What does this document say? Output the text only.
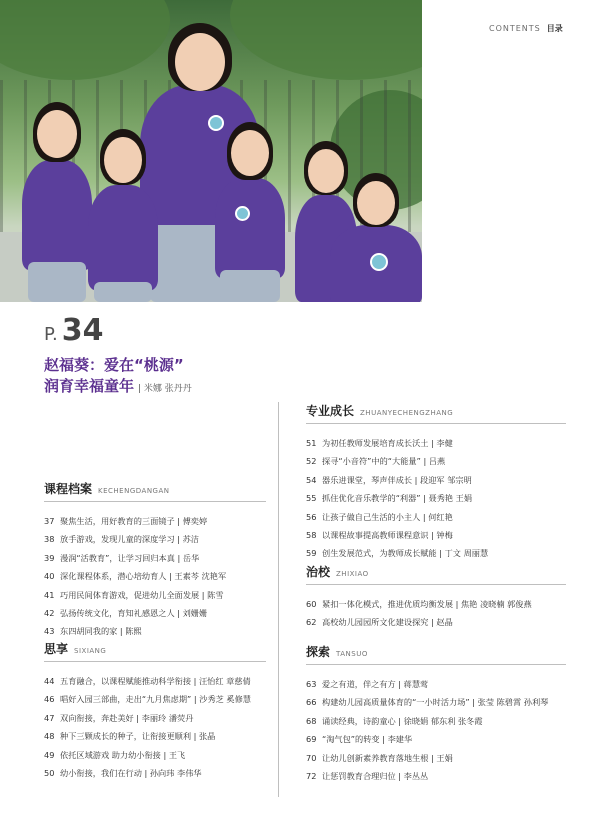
CONTENTS 目录
P. 34
赵福葵：爱在“桃源”
润育幸福童年 | 米娜 张丹丹
课程档案 KECHENGDANGAN
37 聚焦生活，用好教育的三面镜子 | 傅奕婷
38 放手游戏，发现儿童的深度学习 | 苏洁
39 漫润“活教育”，让学习回归本真 | 岳华
40 深化课程体系，潜心培幼育人 | 王素芩 沈艳军
41 巧用民间体育游戏，促进幼儿全面发展 | 陈雪
42 弘扬传统文化，育知礼感恩之人 | 刘姗姗
43 东四胡同我的家 | 陈熙
思享 SIXIANG
44 五育融合，以课程赋能推动科学衔接 | 汪怡红 章慈倩
46 唱好入园三部曲，走出“九月焦虑期” | 沙秀芝 奚修慧
47 双向衔接，奔赴美好 | 李丽玲 潘荧丹
48 种下三颗成长的种子，让衔接更顺利 | 张晶
49 依托区域游戏 助力幼小衔接 | 王飞
50 幼小衔接，我们在行动 | 孙向玮 李伟华
专业成长 ZHUANYECHENGZHANG
51 为初任教师发展培育成长沃土 | 李健
52 探寻“小音符”中的“大能量” | 吕燕
54 器乐进课堂，琴声伴成长 | 段迎军 邹宗明
55 抓住优化音乐教学的“利器” | 聂秀艳 王娟
56 让孩子做自己生活的小主人 | 何红艳
58 以课程故事提高教师课程意识 | 钟梅
59 创生发展范式，为教师成长赋能 | 丁文 周丽慧
治校 ZHIXIAO
60 紧扣一体化模式，推进优质均衡发展 | 焦艳 凌晓楠 郭俊燕
62 高校幼儿园园所文化建设探究 | 赵晶
探索 TANSUO
63 爱之有道，伴之有方 | 蒋慧莺
66 构建幼儿园高质量体育的“一小时活力场” | 张莹 陈碧霄 孙利琴
68 诵读经典，诗韵童心 | 徐晓娟 郁东利 张冬霞
69 “淘气包”的转变 | 李建华
70 让幼儿创新素养教育落地生根 | 王娟
72 让惩罚教育合理归位 | 李丛丛
